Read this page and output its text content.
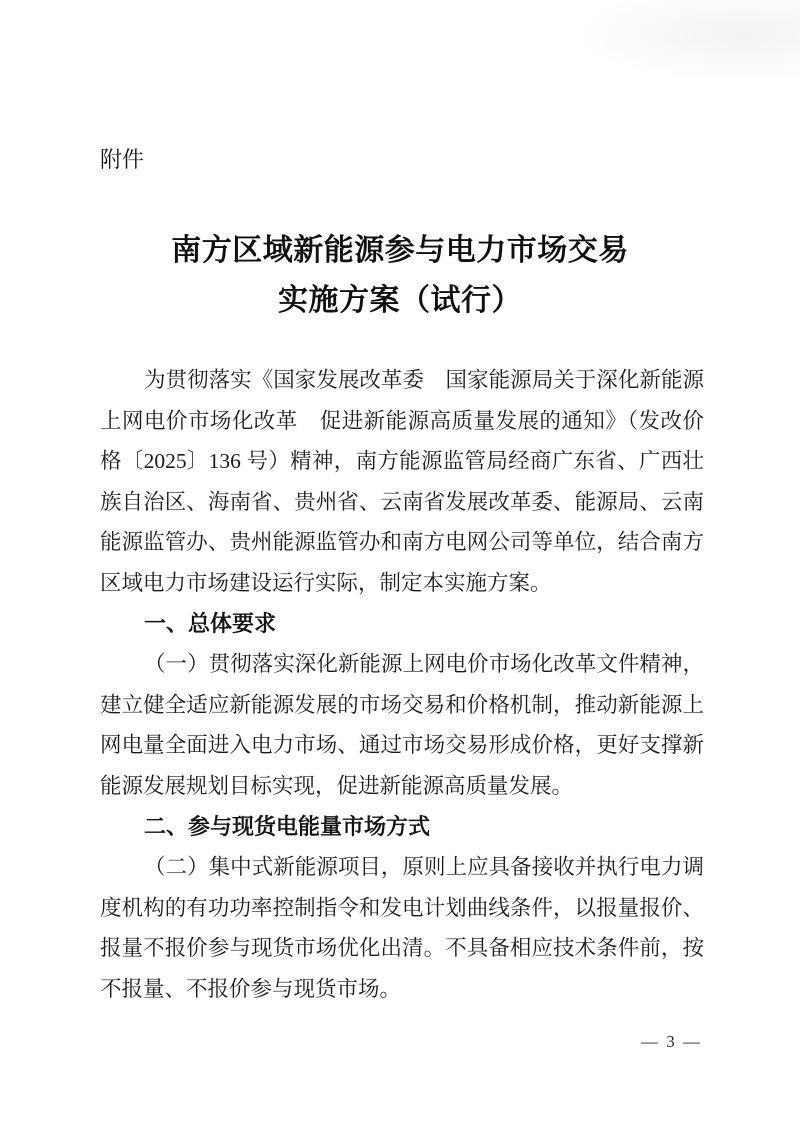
附件
南方区域新能源参与电力市场交易
实施方案（试行）
为贯彻落实《国家发展改革委　国家能源局关于深化新能源
上网电价市场化改革　促进新能源高质量发展的通知》（发改价
格〔2025〕136 号）精神，南方能源监管局经商广东省、广西壮
族自治区、海南省、贵州省、云南省发展改革委、能源局、云南
能源监管办、贵州能源监管办和南方电网公司等单位，结合南方
区域电力市场建设运行实际，制定本实施方案。
一、总体要求
（一）贯彻落实深化新能源上网电价市场化改革文件精神，
建立健全适应新能源发展的市场交易和价格机制，推动新能源上
网电量全面进入电力市场、通过市场交易形成价格，更好支撑新
能源发展规划目标实现，促进新能源高质量发展。
二、参与现货电能量市场方式
（二）集中式新能源项目，原则上应具备接收并执行电力调
度机构的有功功率控制指令和发电计划曲线条件，以报量报价、
报量不报价参与现货市场优化出清。不具备相应技术条件前，按
不报量、不报价参与现货市场。
— 3 —
